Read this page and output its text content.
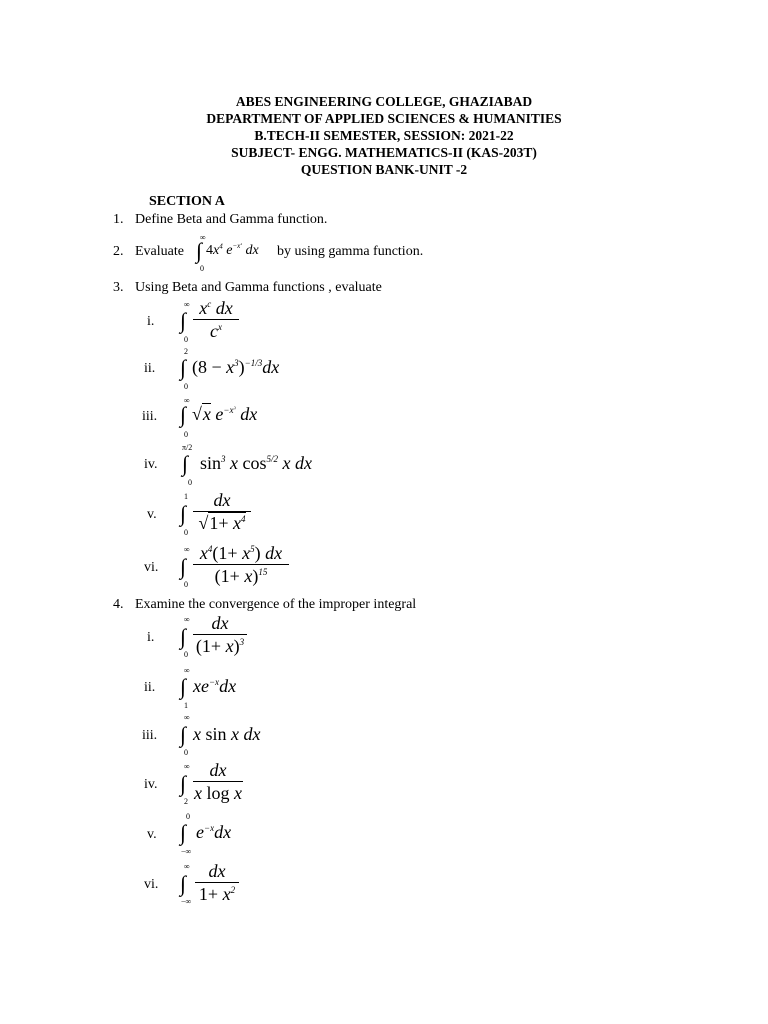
ABES ENGINEERING COLLEGE, GHAZIABAD
DEPARTMENT OF APPLIED SCIENCES & HUMANITIES
B.TECH-II SEMESTER, SESSION: 2021-22
SUBJECT- ENGG. MATHEMATICS-II (KAS-203T)
QUESTION BANK-UNIT -2
SECTION A
1. Define Beta and Gamma function.
2. Evaluate
∞
∫
0
$4x^4$ $e^{-x^4}$ dx by using gamma function.
3. Using Beta and Gamma functions , evaluate
i.
∞
∫
0
$x^c$ dx
$c^x$
ii.
2
∫
0
$(8 - x^3)^{-1/3}dx$
iii.
∞
∫
0
√x $e^{-x^3}$ dx
iv.
π/2
∫
0
$\sin^3 x$ $\cos^{5/2} x$ dx
v.
1
∫
0
dx
$√1+ x^4$
vi.
∞
∫
0
$x^4(1+ x^5)$ dx
$(1+ x)^{15}$
4. Examine the convergence of the improper integral
i.
∞
∫
0
dx
$(1+ x)^3$
ii.
∞
∫
1
$xe^{-x}dx$
iii.
∞
∫
0
x sin x dx
iv.
∞
∫
2
dx
x log x
v.
0
∫
−∞
$e^{-x}dx$
vi.
∞
∫
−∞
dx
$1+ x^2$
